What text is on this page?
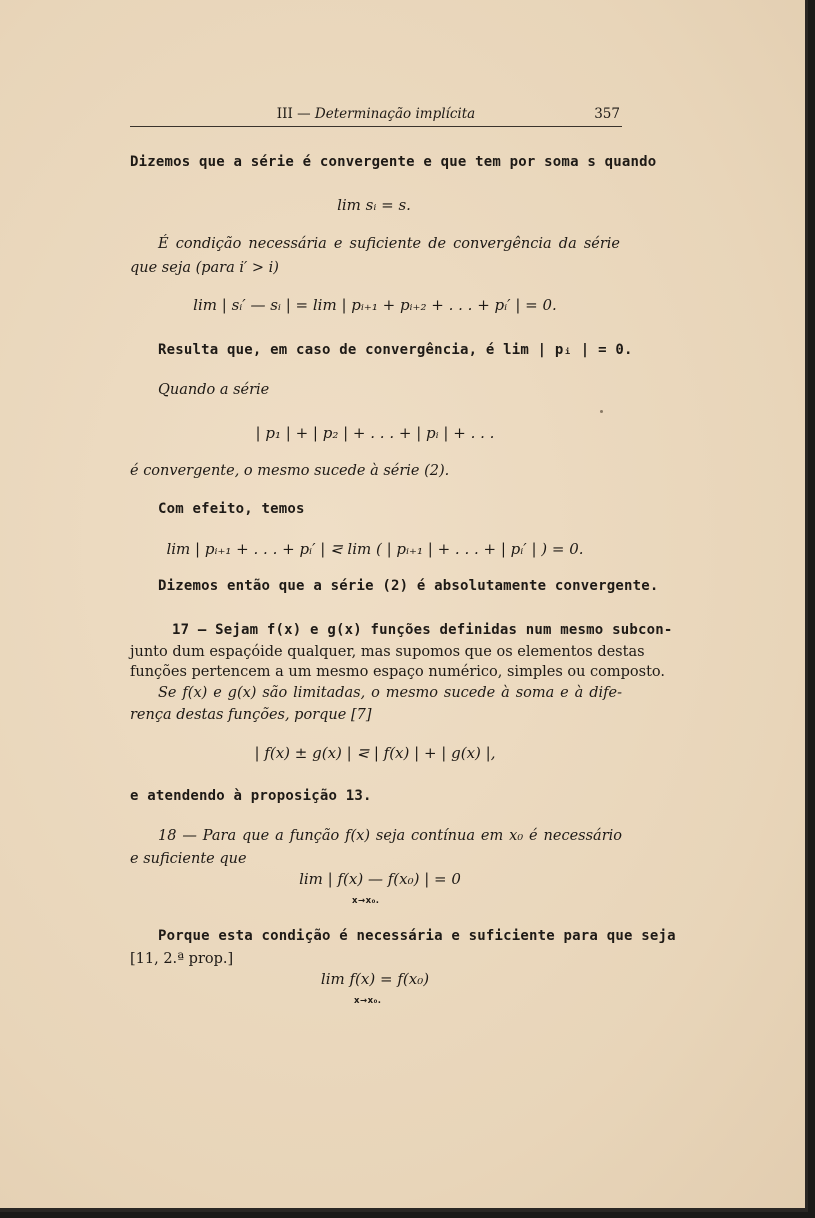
III — Determinação implícita	357
Dizemos que a série é convergente e que tem por soma s quando
lim sᵢ = s.
É condição necessária e suficiente de convergência da série
que seja (para i′ > i)
lim | sᵢ′ — sᵢ | = lim | pᵢ₊₁ + pᵢ₊₂ + . . . + pᵢ′ | = 0.
Resulta que, em caso de convergência, é lim | pᵢ | = 0.
Quando a série
| p₁ | + | p₂ | + . . . + | pᵢ | + . . .
é convergente, o mesmo sucede à série (2).
Com efeito, temos
lim | pᵢ₊₁ + . . . + pᵢ′ | ⋜ lim ( | pᵢ₊₁ | + . . . + | pᵢ′ | ) = 0.
Dizemos então que a série (2) é absolutamente convergente.
17 — Sejam f(x) e g(x) funções definidas num mesmo subcon-
junto dum espaçóide qualquer, mas supomos que os elementos destas
funções pertencem a um mesmo espaço numérico, simples ou composto.
Se f(x) e g(x) são limitadas, o mesmo sucede à soma e à dife-
rença destas funções, porque [7]
| f(x) ± g(x) | ⋜ | f(x) | + | g(x) |,
e atendendo à proposição 13.
18 — Para que a função f(x) seja contínua em x₀ é necessário
e suficiente que
lim | f(x) — f(x₀) | = 0
x→x₀.
Porque esta condição é necessária e suficiente para que seja
[11, 2.ª prop.]
lim f(x) = f(x₀)
x→x₀.
